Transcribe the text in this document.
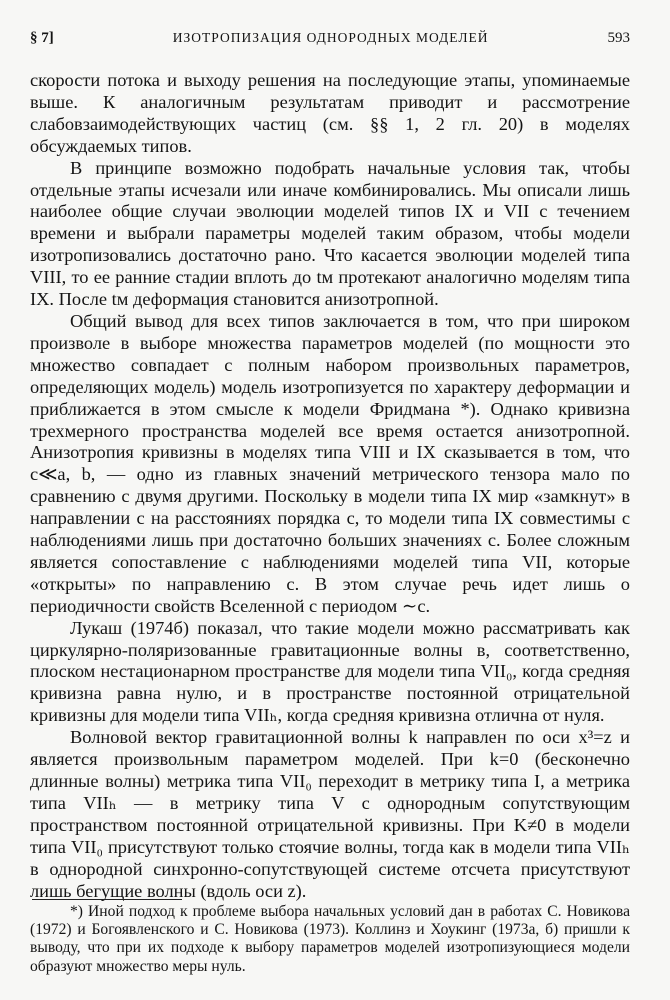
§ 7]	ИЗОТРОПИЗАЦИЯ ОДНОРОДНЫХ МОДЕЛЕЙ	593

скорости потока и выходу решения на последующие этапы, упоминаемые выше. К аналогичным результатам приводит и рассмотрение слабовзаимодействующих частиц (см. §§ 1, 2 гл. 20) в моделях обсуждаемых типов.

В принципе возможно подобрать начальные условия так, чтобы отдельные этапы исчезали или иначе комбинировались. Мы описали лишь наиболее общие случаи эволюции моделей типов IX и VII с течением времени и выбрали параметры моделей таким образом, чтобы модели изотропизовались достаточно рано. Что касается эволюции моделей типа VIII, то ее ранние стадии вплоть до tм протекают аналогично моделям типа IX. После tм деформация становится анизотропной.

Общий вывод для всех типов заключается в том, что при широком произволе в выборе множества параметров моделей (по мощности это множество совпадает с полным набором произвольных параметров, определяющих модель) модель изотропизуется по характеру деформации и приближается в этом смысле к модели Фридмана *). Однако кривизна трехмерного пространства моделей все время остается анизотропной. Анизотропия кривизны в моделях типа VIII и IX сказывается в том, что c≪a, b, — одно из главных значений метрического тензора мало по сравнению с двумя другими. Поскольку в модели типа IX мир «замкнут» в направлении c на расстояниях порядка c, то модели типа IX совместимы с наблюдениями лишь при достаточно больших значениях c. Более сложным является сопоставление с наблюдениями моделей типа VII, которые «открыты» по направлению c. В этом случае речь идет лишь о периодичности свойств Вселенной с периодом ∼c.

Лукаш (1974б) показал, что такие модели можно рассматривать как циркулярно-поляризованные гравитационные волны в, соответственно, плоском нестационарном пространстве для модели типа VII₀, когда средняя кривизна равна нулю, и в пространстве постоянной отрицательной кривизны для модели типа VIIₕ, когда средняя кривизна отлична от нуля.

Волновой вектор гравитационной волны k направлен по оси x³=z и является произвольным параметром моделей. При k=0 (бесконечно длинные волны) метрика типа VII₀ переходит в метрику типа I, а метрика типа VIIₕ — в метрику типа V с однородным сопутствующим пространством постоянной отрицательной кривизны. При K≠0 в модели типа VII₀ присутствуют только стоячие волны, тогда как в модели типа VIIₕ в однородной синхронно-сопутствующей системе отсчета присутствуют лишь бегущие волны (вдоль оси z).

*) Иной подход к проблеме выбора начальных условий дан в работах С. Новикова (1972) и Богоявленского и С. Новикова (1973). Коллинз и Хоукинг (1973а, б) пришли к выводу, что при их подходе к выбору параметров моделей изотропизующиеся модели образуют множество меры нуль.
